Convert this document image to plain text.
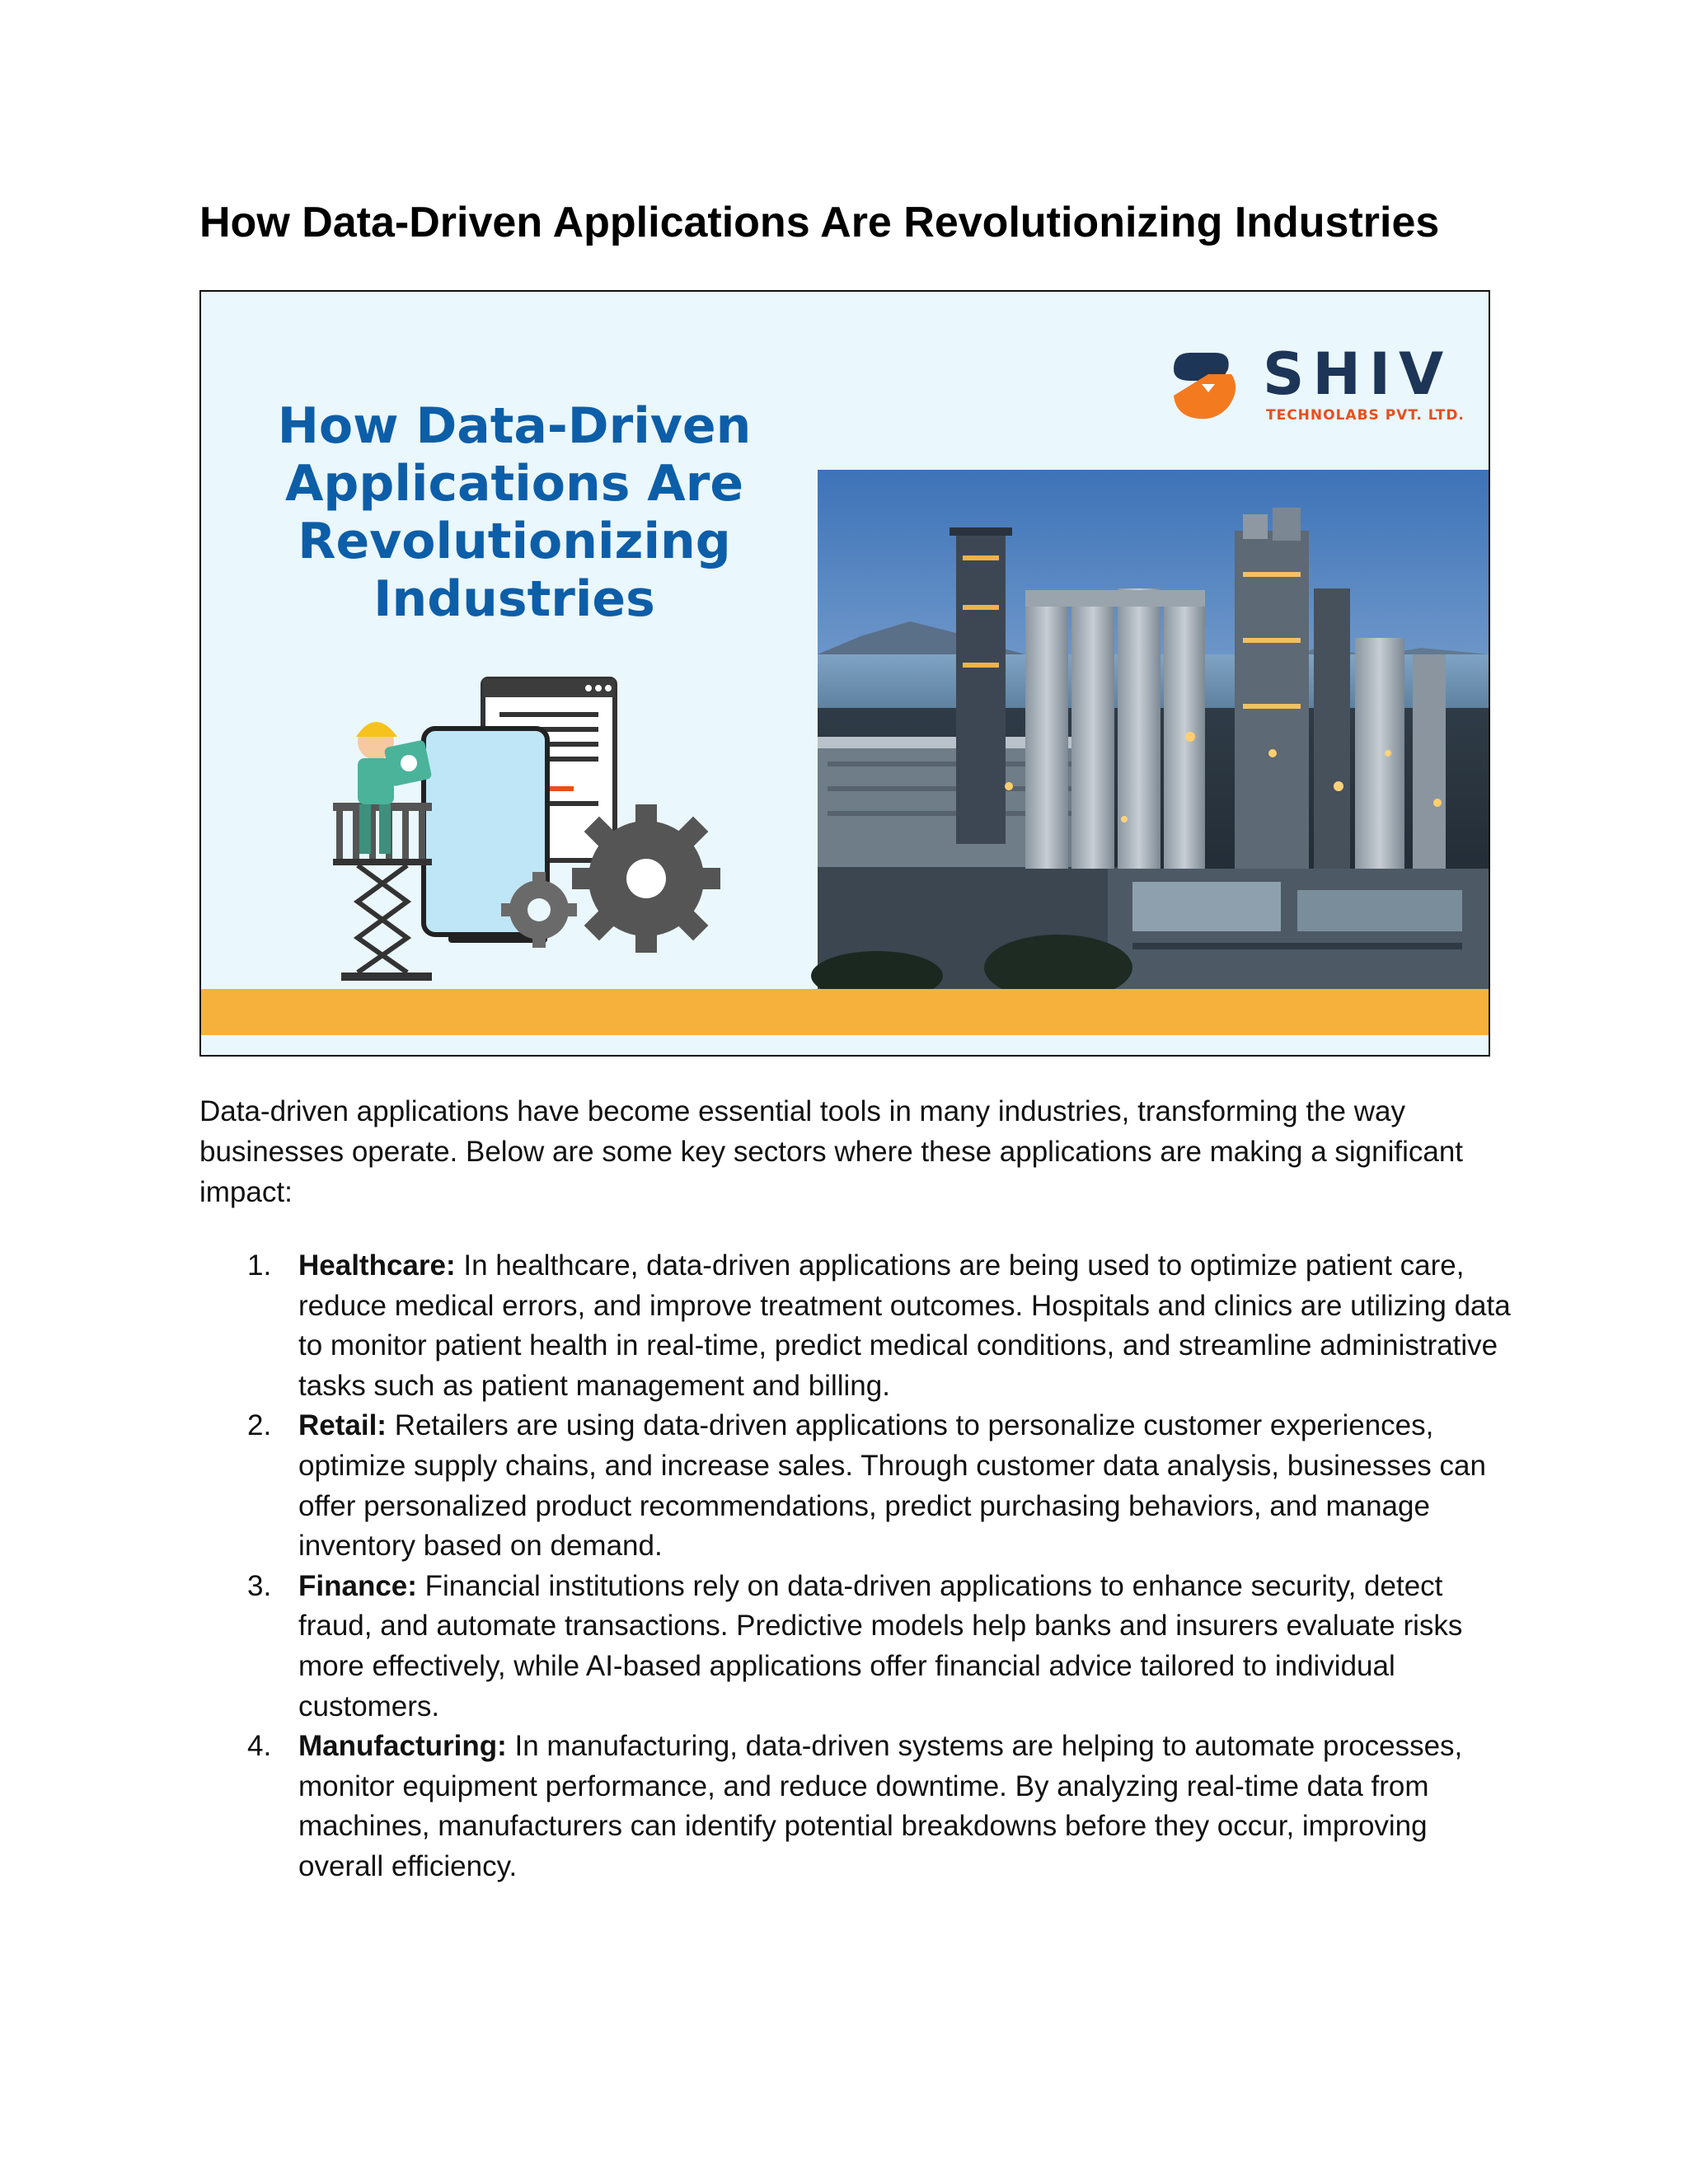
How Data-Driven Applications Are Revolutionizing Industries
How Data-Driven
Applications Are
Revolutionizing
Industries
SHIV
TECHNOLABS PVT. LTD.

Data-driven applications have become essential tools in many industries, transforming the way businesses operate. Below are some key sectors where these applications are making a significant impact:

1. Healthcare: In healthcare, data-driven applications are being used to optimize patient care, reduce medical errors, and improve treatment outcomes. Hospitals and clinics are utilizing data to monitor patient health in real-time, predict medical conditions, and streamline administrative tasks such as patient management and billing.
2. Retail: Retailers are using data-driven applications to personalize customer experiences, optimize supply chains, and increase sales. Through customer data analysis, businesses can offer personalized product recommendations, predict purchasing behaviors, and manage inventory based on demand.
3. Finance: Financial institutions rely on data-driven applications to enhance security, detect fraud, and automate transactions. Predictive models help banks and insurers evaluate risks more effectively, while AI-based applications offer financial advice tailored to individual customers.
4. Manufacturing: In manufacturing, data-driven systems are helping to automate processes, monitor equipment performance, and reduce downtime. By analyzing real-time data from machines, manufacturers can identify potential breakdowns before they occur, improving overall efficiency.
